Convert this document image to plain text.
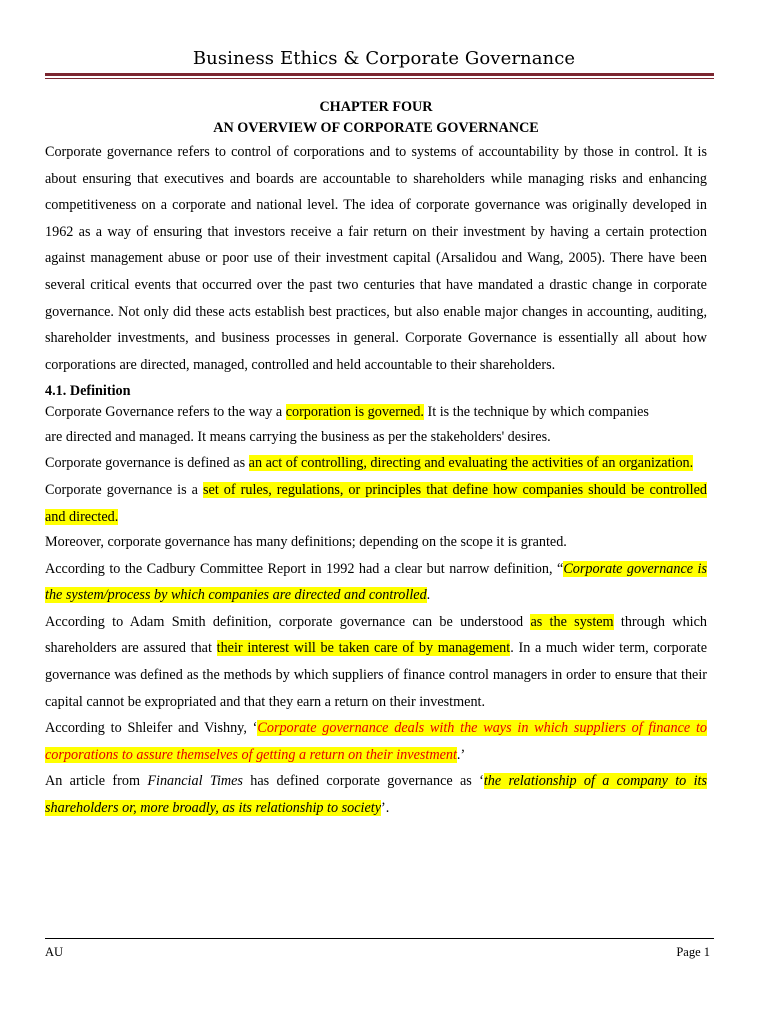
Business Ethics & Corporate Governance
CHAPTER FOUR
AN OVERVIEW OF CORPORATE GOVERNANCE

Corporate governance refers to control of corporations and to systems of accountability by those in control. It is about ensuring that executives and boards are accountable to shareholders while managing risks and enhancing competitiveness on a corporate and national level. The idea of corporate governance was originally developed in 1962 as a way of ensuring that investors receive a fair return on their investment by having a certain protection against management abuse or poor use of their investment capital (Arsalidou and Wang, 2005). There have been several critical events that occurred over the past two centuries that have mandated a drastic change in corporate governance. Not only did these acts establish best practices, but also enable major changes in accounting, auditing, shareholder investments, and business processes in general. Corporate Governance is essentially all about how corporations are directed, managed, controlled and held accountable to their shareholders.

4.1. Definition

Corporate Governance refers to the way a corporation is governed. It is the technique by which companies

are directed and managed. It means carrying the business as per the stakeholders' desires.

Corporate governance is defined as an act of controlling, directing and evaluating the activities of an organization.

Corporate governance is a set of rules, regulations, or principles that define how companies should be controlled and directed.

Moreover, corporate governance has many definitions; depending on the scope it is granted.

According to the Cadbury Committee Report in 1992 had a clear but narrow definition, “Corporate governance is the system/process by which companies are directed and controlled.

According to Adam Smith definition, corporate governance can be understood as the system through which shareholders are assured that their interest will be taken care of by management. In a much wider term, corporate governance was defined as the methods by which suppliers of finance control managers in order to ensure that their capital cannot be expropriated and that they earn a return on their investment.

According to Shleifer and Vishny, ‘Corporate governance deals with the ways in which suppliers of finance to corporations to assure themselves of getting a return on their investment.’

An article from Financial Times has defined corporate governance as ‘the relationship of a company to its shareholders or, more broadly, as its relationship to society’.

AU	Page 1
